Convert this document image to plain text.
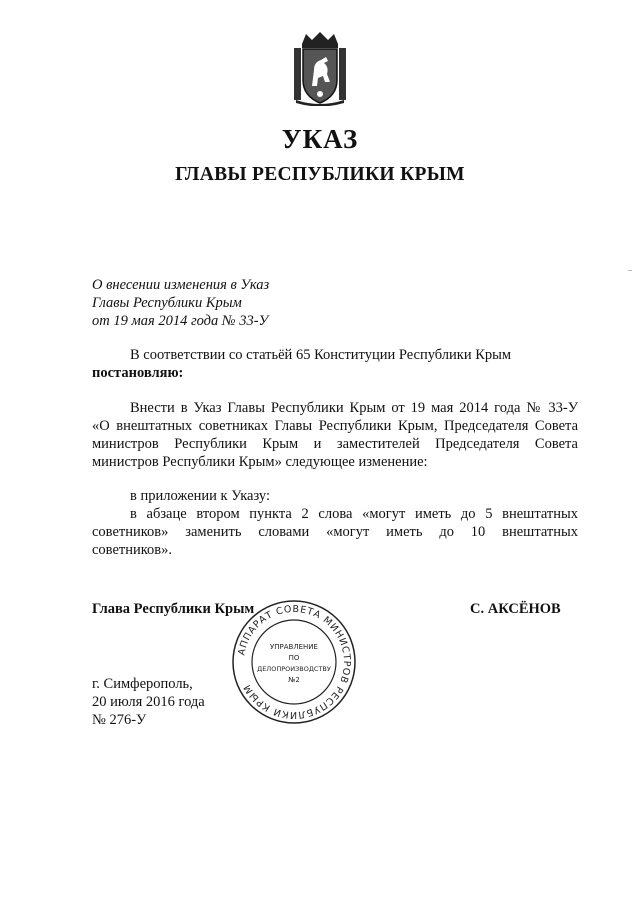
УКАЗ
ГЛАВЫ РЕСПУБЛИКИ КРЫМ
О внесении изменения в Указ
Главы Республики Крым
от 19 мая 2014 года № 33-У
В соответствии со статьёй 65 Конституции Республики Крым
постановляю:
Внести в Указ Главы Республики Крым от 19 мая 2014 года № 33-У
«О внештатных советниках Главы Республики Крым, Председателя Совета
министров Республики Крым и заместителей Председателя Совета
министров Республики Крым» следующее изменение:
в приложении к Указу:
в абзаце втором пункта 2 слова «могут иметь до 5 внештатных
советников» заменить словами «могут иметь до 10 внештатных
советников».
Глава Республики Крым	С. АКСЁНОВ
г. Симферополь,
20 июля 2016 года
№ 276-У
АППАРАТ СОВЕТА МИНИСТРОВ РЕСПУБЛИКИ КРЫМ
УПРАВЛЕНИЕ
ПО
ДЕЛОПРОИЗВОДСТВУ
№2
